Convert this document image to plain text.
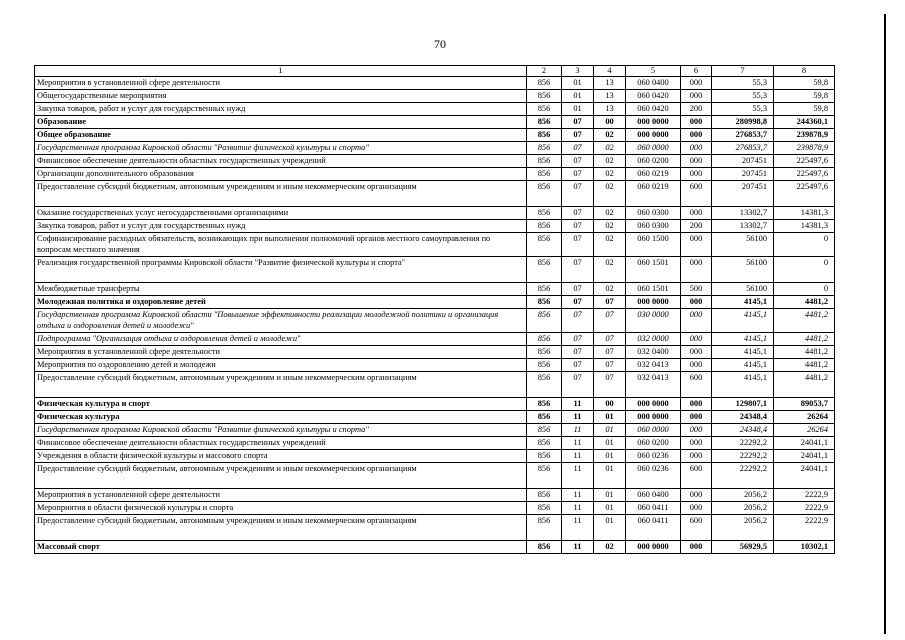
70
1	2	3	4	5	6	7	8
Мероприятия в установленной сфере деятельности	856	01	13	060 0400	000	55,3	59,8
Общегосударственные мероприятия	856	01	13	060 0420	000	55,3	59,8
Закупка товаров, работ и услуг для государственных нужд	856	01	13	060 0420	200	55,3	59,8
Образование	856	07	00	000 0000	000	280998,8	244360,1
Общее образование	856	07	02	000 0000	000	276853,7	239878,9
Государственная программа Кировской области "Развитие физической культуры и спорта"	856	07	02	060 0000	000	276853,7	239878,9
Финансовое обеспечение деятельности областных государственных учреждений	856	07	02	060 0200	000	207451	225497,6
Организации дополнительного образования	856	07	02	060 0219	000	207451	225497,6
Предоставление субсидий бюджетным, автономным учреждениям и иным некоммерческим организациям	856	07	02	060 0219	600	207451	225497,6
Оказание государственных услуг негосударственными организациями	856	07	02	060 0300	000	13302,7	14381,3
Закупка товаров, работ и услуг для государственных нужд	856	07	02	060 0300	200	13302,7	14381,3
Софинансирование расходных обязательств, возникающих при выполнении полномочий органов местного самоуправления по вопросам местного значения	856	07	02	060 1500	000	56100	0
Реализация государственной программы Кировской области "Развитие физической культуры и спорта"	856	07	02	060 1501	000	56100	0
Межбюджетные трансферты	856	07	02	060 1501	500	56100	0
Молодежная политика и оздоровление детей	856	07	07	000 0000	000	4145,1	4481,2
Государственная программа Кировской области "Повышение эффективности реализации молодежной политики и организация отдыха и оздоровления детей и молодежи"	856	07	07	030 0000	000	4145,1	4481,2
Подпрограмма "Организация отдыха и оздоровления детей и молодежи"	856	07	07	032 0000	000	4145,1	4481,2
Мероприятия в установленной сфере деятельности	856	07	07	032 0400	000	4145,1	4481,2
Мероприятия по оздоровлению детей и молодежи	856	07	07	032 0413	000	4145,1	4481,2
Предоставление субсидий бюджетным, автономным учреждениям и иным некоммерческим организациям	856	07	07	032 0413	600	4145,1	4481,2
Физическая культура и спорт	856	11	00	000 0000	000	129807,1	89053,7
Физическая культура	856	11	01	000 0000	000	24348,4	26264
Государственная программа Кировской области "Развитие физической культуры и спорта"	856	11	01	060 0000	000	24348,4	26264
Финансовое обеспечение деятельности областных государственных учреждений	856	11	01	060 0200	000	22292,2	24041,1
Учреждения в области физической культуры и массового спорта	856	11	01	060 0236	000	22292,2	24041,1
Предоставление субсидий бюджетным, автономным учреждениям и иным некоммерческим организациям	856	11	01	060 0236	600	22292,2	24041,1
Мероприятия в установленной сфере деятельности	856	11	01	060 0400	000	2056,2	2222,9
Мероприятия в области физической культуры и спорта	856	11	01	060 0411	000	2056,2	2222,9
Предоставление субсидий бюджетным, автономным учреждениям и иным некоммерческим организациям	856	11	01	060 0411	600	2056,2	2222,9
Массовый спорт	856	11	02	000 0000	000	56929,5	10302,1
